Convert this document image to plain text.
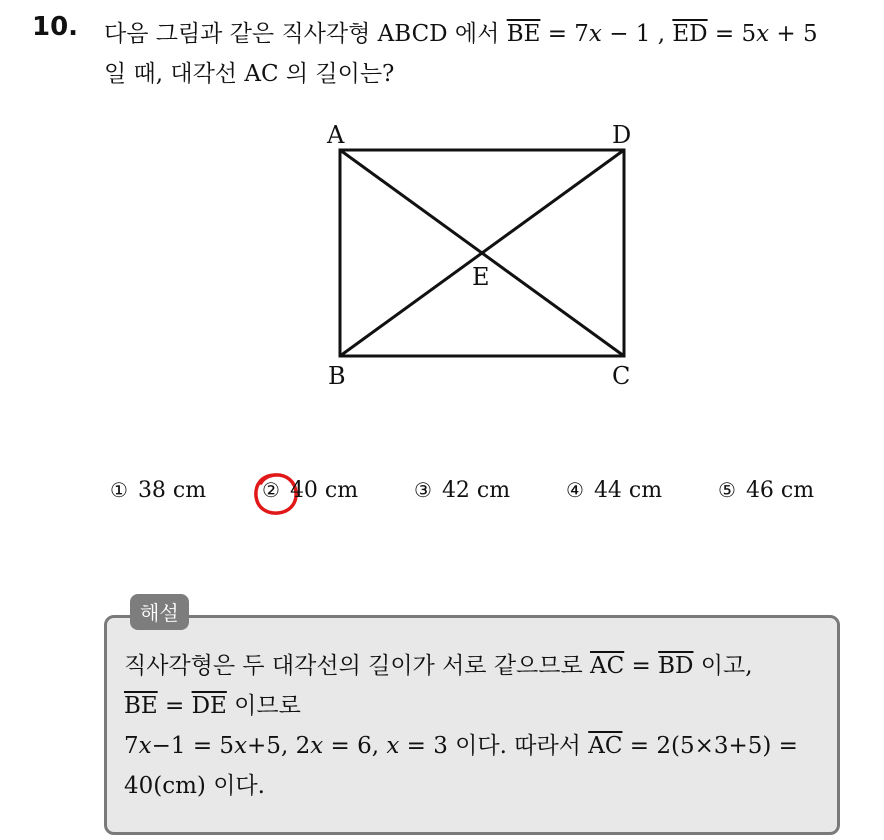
10. 다음 그림과 같은 직사각형 ABCD 에서 $\overline{BE} = 7x - 1$ , $\overline{ED} = 5x + 5$
일 때, 대각선 AC 의 길이는?
A	D
E
B	C
① 38 cm	② 40 cm	③ 42 cm	④ 44 cm	⑤ 46 cm
해설
직사각형은 두 대각선의 길이가 서로 같으므로 $\overline{AC} = \overline{BD}$ 이고,
$\overline{BE} = \overline{DE}$ 이므로
7x−1 = 5x+5, 2x = 6, x = 3 이다. 따라서 $\overline{AC} = 2(5\times 3+5)$ =
40(cm) 이다.
